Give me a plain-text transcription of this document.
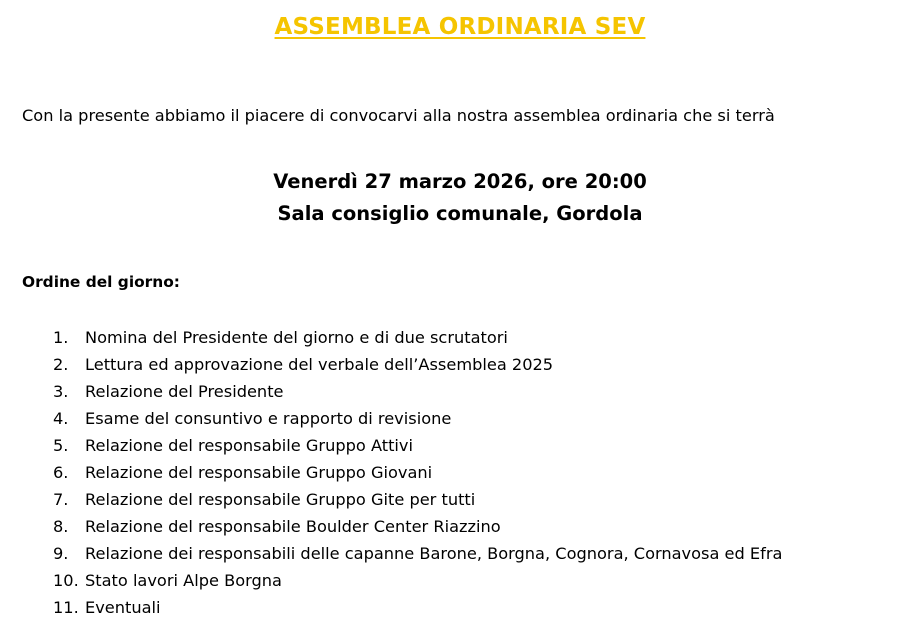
ASSEMBLEA ORDINARIA SEV
Con la presente abbiamo il piacere di convocarvi alla nostra assemblea ordinaria che si terrà
Venerdì 27 marzo 2026, ore 20:00
Sala consiglio comunale, Gordola
Ordine del giorno:
1.	Nomina del Presidente del giorno e di due scrutatori
2.	Lettura ed approvazione del verbale dell’Assemblea 2025
3.	Relazione del Presidente
4.	Esame del consuntivo e rapporto di revisione
5.	Relazione del responsabile Gruppo Attivi
6.	Relazione del responsabile Gruppo Giovani
7.	Relazione del responsabile Gruppo Gite per tutti
8.	Relazione del responsabile Boulder Center Riazzino
9.	Relazione dei responsabili delle capanne Barone, Borgna, Cognora, Cornavosa ed Efra
10. Stato lavori Alpe Borgna
11. Eventuali
